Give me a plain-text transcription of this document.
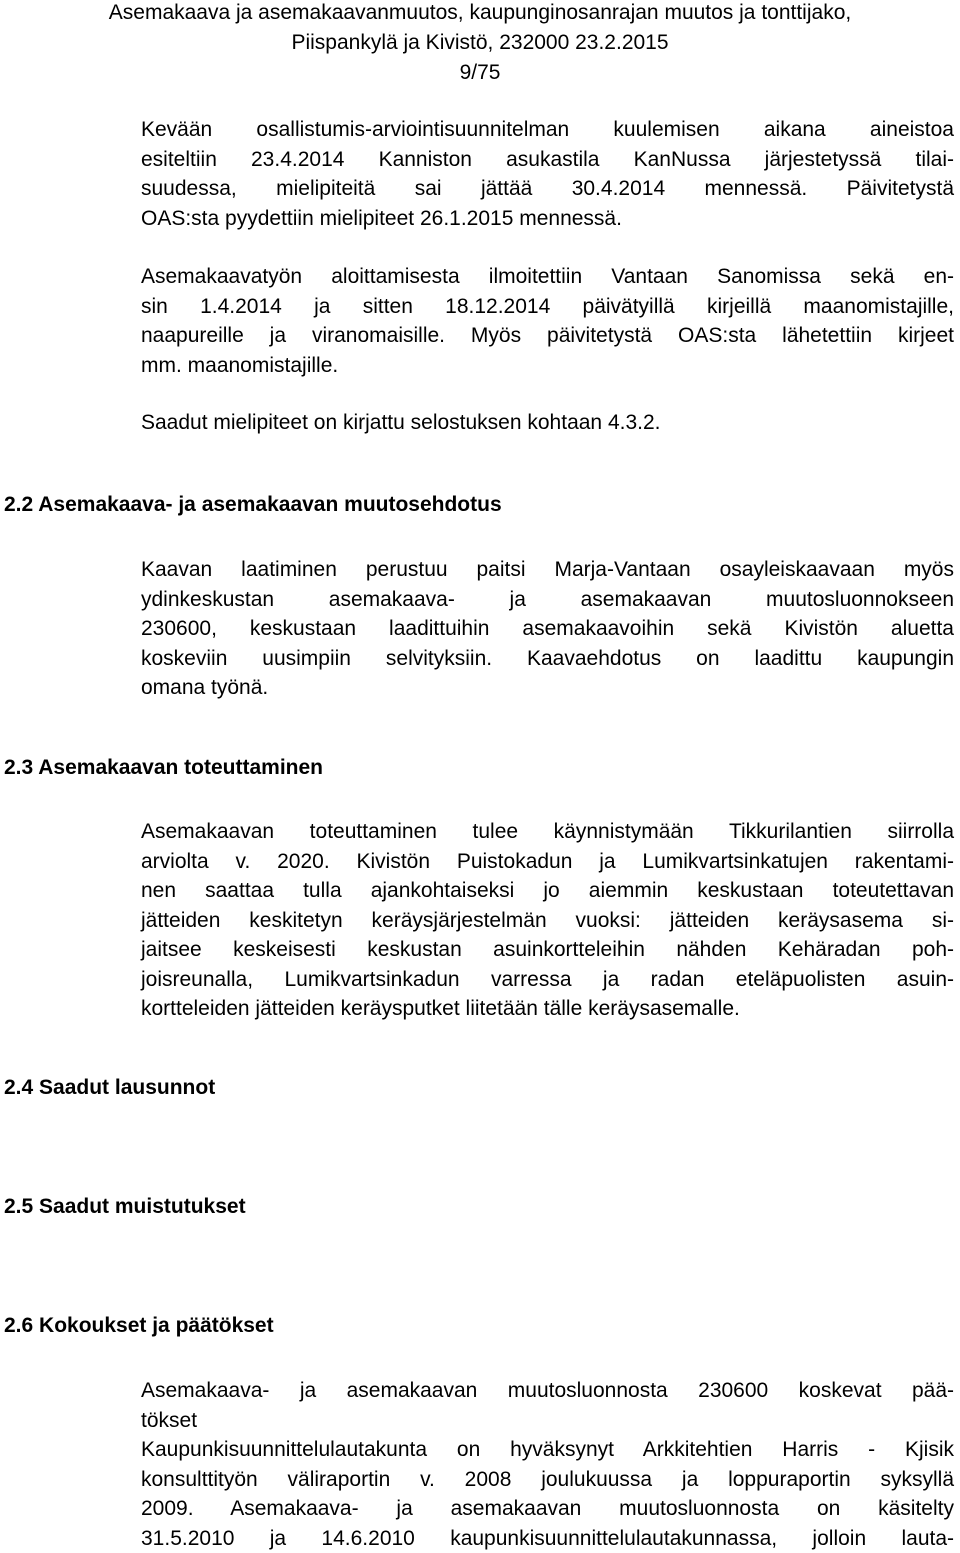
Asemakaava ja asemakaavanmuutos, kaupunginosanrajan muutos ja tonttijako,
Piispankylä ja Kivistö, 232000 23.2.2015
9/75
Kevään osallistumis-arviointisuunnitelman kuulemisen aikana aineistoa
esiteltiin 23.4.2014 Kanniston asukastila KanNussa järjestetyssä tilai-
suudessa, mielipiteitä sai jättää 30.4.2014 mennessä. Päivitetystä
OAS:sta pyydettiin mielipiteet 26.1.2015 mennessä.
Asemakaavatyön aloittamisesta ilmoitettiin Vantaan Sanomissa sekä en-
sin 1.4.2014 ja sitten 18.12.2014 päivätyillä kirjeillä maanomistajille,
naapureille ja viranomaisille. Myös päivitetystä OAS:sta lähetettiin kirjeet
mm. maanomistajille.
Saadut mielipiteet on kirjattu selostuksen kohtaan 4.3.2.
2.2 Asemakaava- ja asemakaavan muutosehdotus
Kaavan laatiminen perustuu paitsi Marja-Vantaan osayleiskaavaan myös
ydinkeskustan asemakaava- ja asemakaavan muutosluonnokseen
230600, keskustaan laadittuihin asemakaavoihin sekä Kivistön aluetta
koskeviin uusimpiin selvityksiin. Kaavaehdotus on laadittu kaupungin
omana työnä.
2.3 Asemakaavan toteuttaminen
Asemakaavan toteuttaminen tulee käynnistymään Tikkurilantien siirrolla
arviolta v. 2020. Kivistön Puistokadun ja Lumikvartsinkatujen rakentami-
nen saattaa tulla ajankohtaiseksi jo aiemmin keskustaan toteutettavan
jätteiden keskitetyn keräysjärjestelmän vuoksi: jätteiden keräysasema si-
jaitsee keskeisesti keskustan asuinkortteleihin nähden Kehäradan poh-
joisreunalla, Lumikvartsinkadun varressa ja radan eteläpuolisten asuin-
kortteleiden jätteiden keräysputket liitetään tälle keräysasemalle.
2.4 Saadut lausunnot
2.5 Saadut muistutukset
2.6 Kokoukset ja päätökset
Asemakaava- ja asemakaavan muutosluonnosta 230600 koskevat pää-
tökset
Kaupunkisuunnittelulautakunta on hyväksynyt Arkkitehtien Harris - Kjisik
konsulttityön väliraportin v. 2008 joulukuussa ja loppuraportin syksyllä
2009. Asemakaava- ja asemakaavan muutosluonnosta on käsitelty
31.5.2010 ja 14.6.2010 kaupunkisuunnittelulautakunnassa, jolloin lauta-
